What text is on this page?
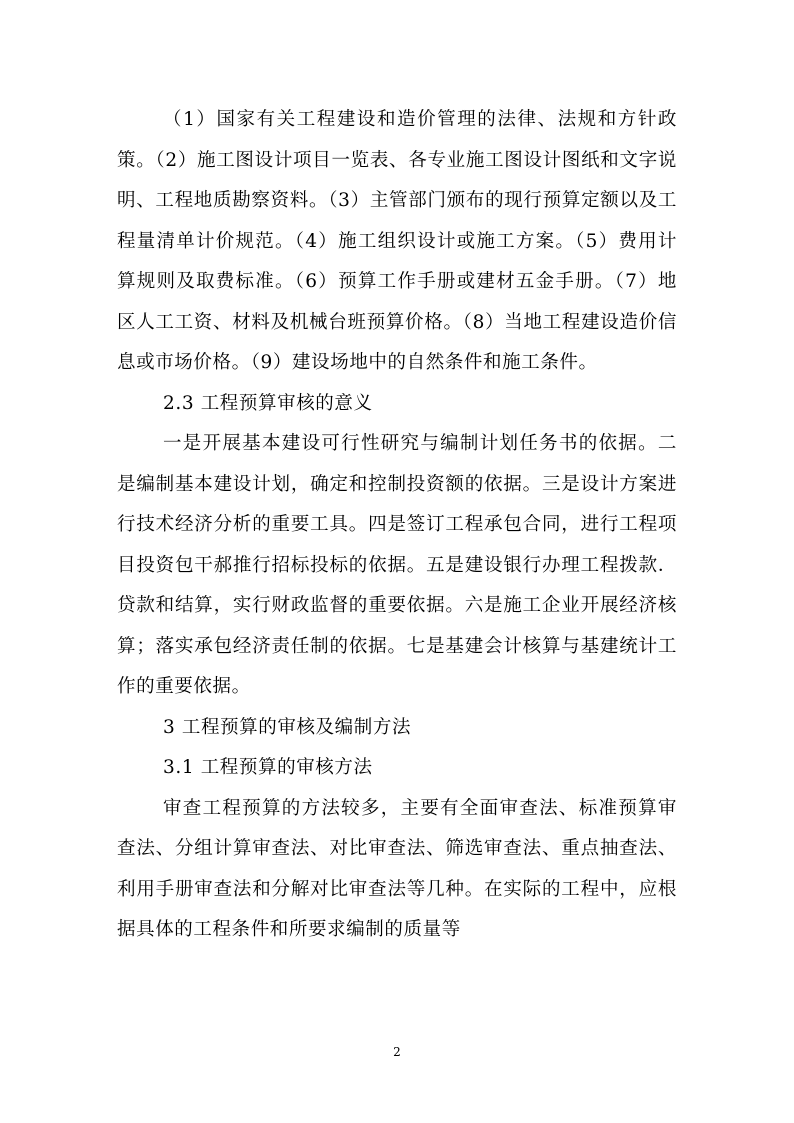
（1）国家有关工程建设和造价管理的法律、法规和方针政策。（2）施工图设计项目一览表、各专业施工图设计图纸和文字说明、工程地质勘察资料。（3）主管部门颁布的现行预算定额以及工程量清单计价规范。（4）施工组织设计或施工方案。（5）费用计算规则及取费标准。（6）预算工作手册或建材五金手册。（7）地区人工工资、材料及机械台班预算价格。（8）当地工程建设造价信息或市场价格。（9）建设场地中的自然条件和施工条件。

2.3 工程预算审核的意义

一是开展基本建设可行性研究与编制计划任务书的依据。二是编制基本建设计划，确定和控制投资额的依据。三是设计方案进行技术经济分析的重要工具。四是签订工程承包合同，进行工程项目投资包干郝推行招标投标的依据。五是建设银行办理工程拨款．贷款和结算，实行财政监督的重要依据。六是施工企业开展经济核算；落实承包经济责任制的依据。七是基建会计核算与基建统计工作的重要依据。

3 工程预算的审核及编制方法

3.1 工程预算的审核方法

审查工程预算的方法较多，主要有全面审查法、标准预算审查法、分组计算审查法、对比审查法、筛选审查法、重点抽查法、利用手册审查法和分解对比审查法等几种。在实际的工程中，应根据具体的工程条件和所要求编制的质量等

2
